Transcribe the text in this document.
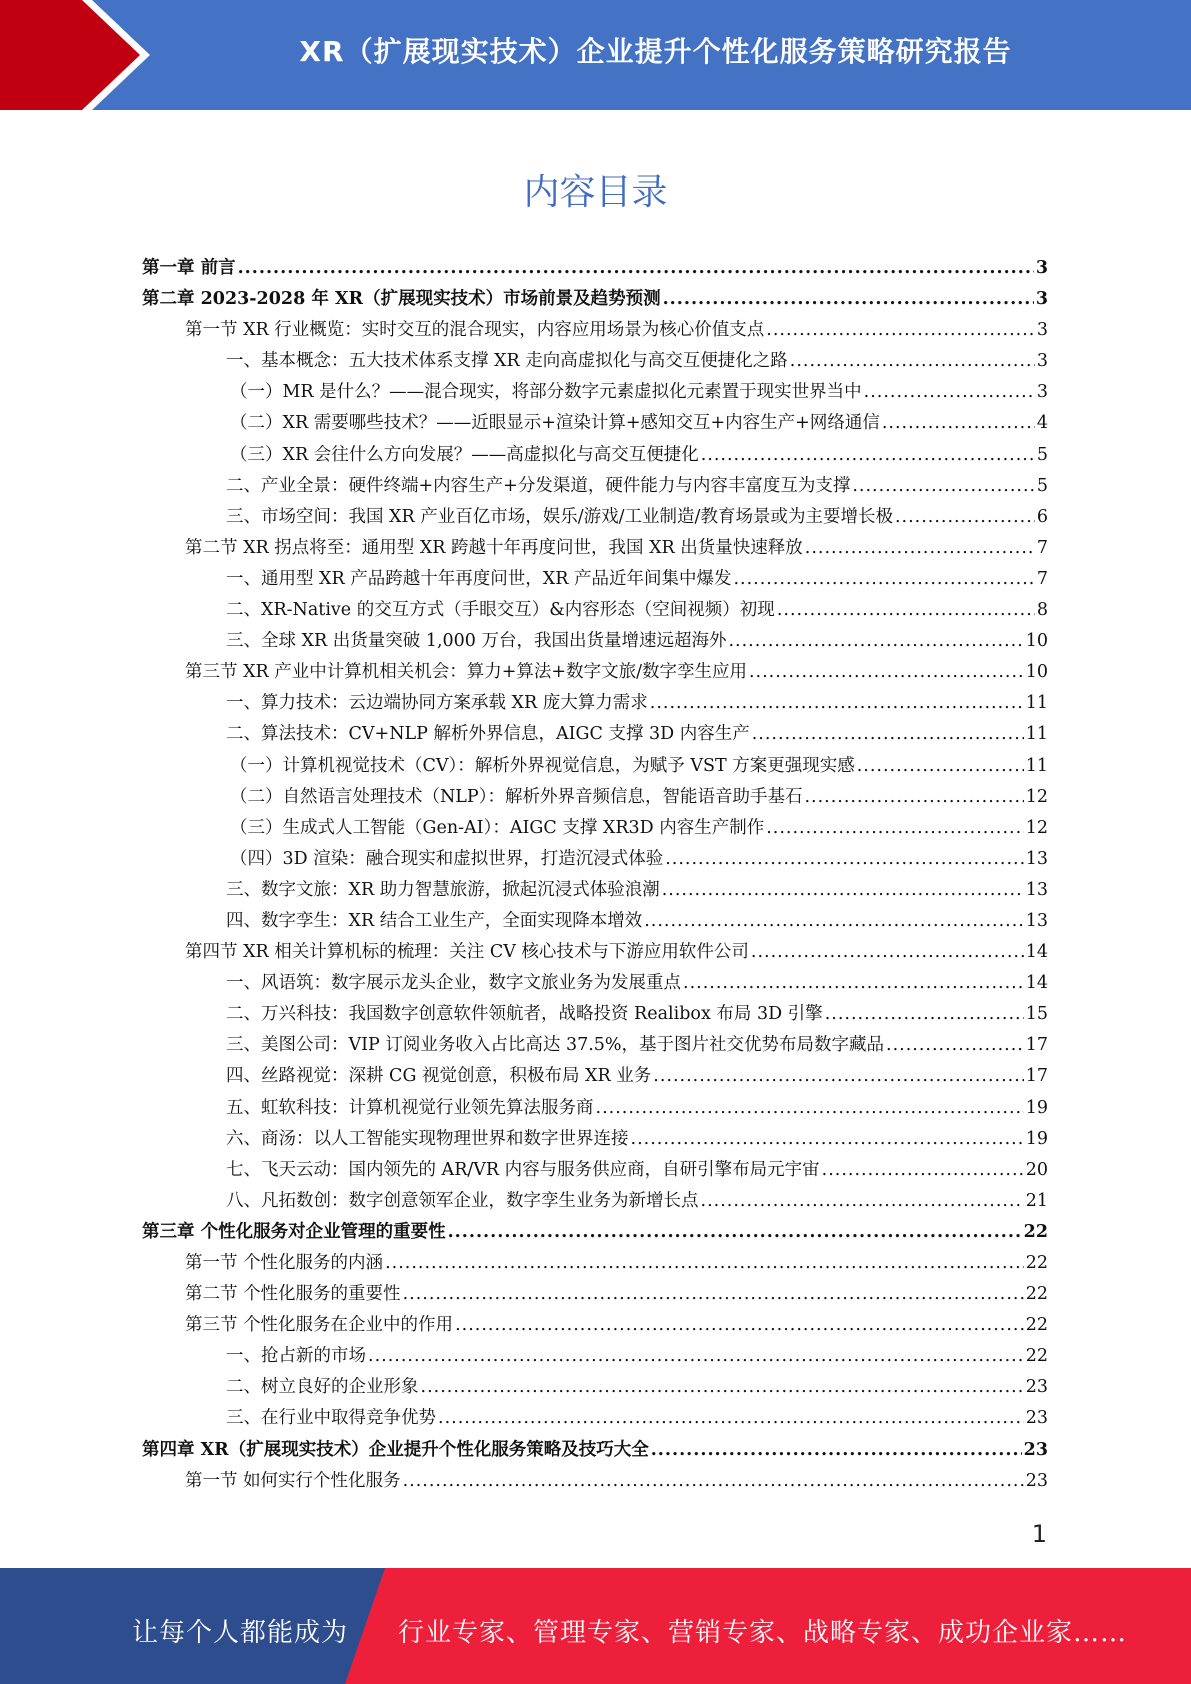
XR（扩展现实技术）企业提升个性化服务策略研究报告
内容目录
第一章 前言 .....	3
第二章 2023-2028 年 XR（扩展现实技术）市场前景及趋势预测 .....	3
第一节 XR 行业概览：实时交互的混合现实，内容应用场景为核心价值支点 .....	3
一、基本概念：五大技术体系支撑 XR 走向高虚拟化与高交互便捷化之路 .....	3
（一）MR 是什么？——混合现实，将部分数字元素虚拟化元素置于现实世界当中 .....	3
（二）XR 需要哪些技术？——近眼显示+渲染计算+感知交互+内容生产+网络通信 .....	4
（三）XR 会往什么方向发展？——高虚拟化与高交互便捷化 .....	5
二、产业全景：硬件终端+内容生产+分发渠道，硬件能力与内容丰富度互为支撑 .....	5
三、市场空间：我国 XR 产业百亿市场，娱乐/游戏/工业制造/教育场景或为主要增长极 .....	6
第二节 XR 拐点将至：通用型 XR 跨越十年再度问世，我国 XR 出货量快速释放 .....	7
一、通用型 XR 产品跨越十年再度问世，XR 产品近年间集中爆发 .....	7
二、XR-Native 的交互方式（手眼交互）&内容形态（空间视频）初现 .....	8
三、全球 XR 出货量突破 1,000 万台，我国出货量增速远超海外 .....	10
第三节 XR 产业中计算机相关机会：算力+算法+数字文旅/数字孪生应用 .....	10
一、算力技术：云边端协同方案承载 XR 庞大算力需求 .....	11
二、算法技术：CV+NLP 解析外界信息，AIGC 支撑 3D 内容生产 .....	11
（一）计算机视觉技术（CV）：解析外界视觉信息，为赋予 VST 方案更强现实感 .....	11
（二）自然语言处理技术（NLP）：解析外界音频信息，智能语音助手基石 .....	12
（三）生成式人工智能（Gen-AI）：AIGC 支撑 XR3D 内容生产制作 .....	12
（四）3D 渲染：融合现实和虚拟世界，打造沉浸式体验 .....	13
三、数字文旅：XR 助力智慧旅游，掀起沉浸式体验浪潮 .....	13
四、数字孪生：XR 结合工业生产，全面实现降本增效 .....	13
第四节 XR 相关计算机标的梳理：关注 CV 核心技术与下游应用软件公司 .....	14
一、风语筑：数字展示龙头企业，数字文旅业务为发展重点 .....	14
二、万兴科技：我国数字创意软件领航者，战略投资 Realibox 布局 3D 引擎 .....	15
三、美图公司：VIP 订阅业务收入占比高达 37.5%，基于图片社交优势布局数字藏品 .....	17
四、丝路视觉：深耕 CG 视觉创意，积极布局 XR 业务 .....	17
五、虹软科技：计算机视觉行业领先算法服务商 .....	19
六、商汤：以人工智能实现物理世界和数字世界连接 .....	19
七、飞天云动：国内领先的 AR/VR 内容与服务供应商，自研引擎布局元宇宙 .....	20
八、凡拓数创：数字创意领军企业，数字孪生业务为新增长点 .....	21
第三章 个性化服务对企业管理的重要性 .....	22
第一节 个性化服务的内涵 .....	22
第二节 个性化服务的重要性 .....	22
第三节 个性化服务在企业中的作用 .....	22
一、抢占新的市场 .....	22
二、树立良好的企业形象 .....	23
三、在行业中取得竞争优势 .....	23
第四章 XR（扩展现实技术）企业提升个性化服务策略及技巧大全 .....	23
第一节 如何实行个性化服务 .....	23
1
让每个人都能成为 行业专家、管理专家、营销专家、战略专家、成功企业家……
